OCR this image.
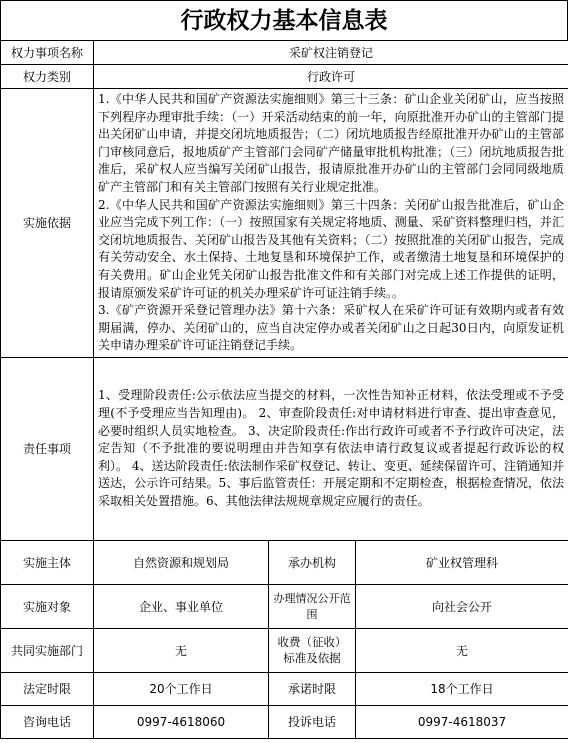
行政权力基本信息表
权力事项名称	采矿权注销登记		
权力类别	行政许可		
实施依据	1.《中华人民共和国矿产资源法实施细则》第三十三条：矿山企业关闭矿山，应当按照下列程序办理审批手续：（一）开采活动结束的前一年，向原批准开办矿山的主管部门提出关闭矿山申请，并提交闭坑地质报告；（二）闭坑地质报告经原批准开办矿山的主管部门审核同意后，报地质矿产主管部门会同矿产储量审批机构批准；（三）闭坑地质报告批准后，采矿权人应当编写关闭矿山报告，报请原批准开办矿山的主管部门会同同级地质矿产主管部门和有关主管部门按照有关行业规定批准。

2.《中华人民共和国矿产资源法实施细则》第三十四条：关闭矿山报告批准后，矿山企业应当完成下列工作：（一）按照国家有关规定将地质、测量、采矿资料整理归档，并汇交闭坑地质报告、关闭矿山报告及其他有关资料；（二）按照批准的关闭矿山报告，完成有关劳动安全、水土保持、土地复垦和环境保护工作，或者缴清土地复垦和环境保护的有关费用。矿山企业凭关闭矿山报告批准文件和有关部门对完成上述工作提供的证明，报请原颁发采矿许可证的机关办理采矿许可证注销手续。。

3.《矿产资源开采登记管理办法》第十六条：采矿权人在采矿许可证有效期内或者有效期届满，停办、关闭矿山的，应当自决定停办或者关闭矿山之日起30日内，向原发证机关申请办理采矿许可证注销登记手续。		

责任事项	1、受理阶段责任:公示依法应当提交的材料，一次性告知补正材料，依法受理或不予受理(不予受理应当告知理由)。 2、审查阶段责任:对申请材料进行审查、提出审查意见，必要时组织人员实地检查。 3、决定阶段责任:作出行政许可或者不予行政许可决定，法定告知（不予批准的要说明理由并告知享有依法申请行政复议或者提起行政诉讼的权利）。 4、送达阶段责任:依法制作采矿权登记、转让、变更、延续保留许可、注销通知并送达，公示许可结果。5、事后监管责任：开展定期和不定期检查，根据检查情况，依法采取相关处置措施。6、其他法律法规规章规定应履行的责任。		
实施主体	自然资源和规划局	承办机构	矿业权管理科
实施对象	企业、事业单位	办理情况公开范围	向社会公开
共同实施部门	无	收费（征收）标准及依据	无
法定时限	20个工作日	承诺时限	18个工作日
咨询电话	0997-4618060	投诉电话	0997-4618037
